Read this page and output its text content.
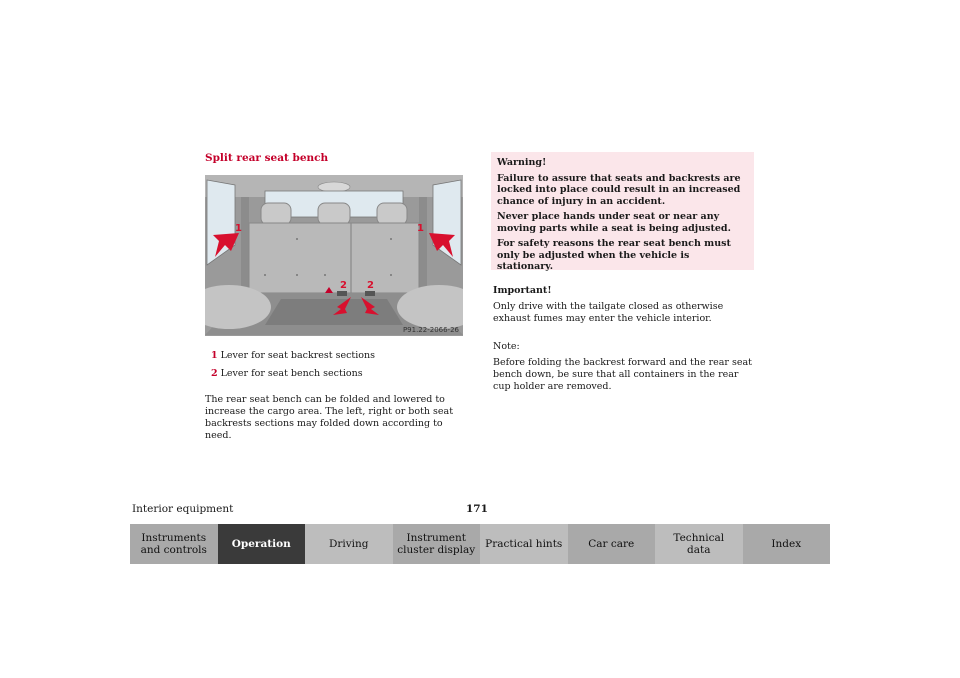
Split rear seat bench
1	1
2 2
P91.22-2066-26
1 Lever for seat backrest sections
2 Lever for seat bench sections
The rear seat bench can be folded and lowered to increase the cargo area. The left, right or both seat backrests sections may folded down according to need.

Warning!

Failure to assure that seats and backrests are locked into place could result in an increased chance of injury in an accident.

Never place hands under seat or near any moving parts while a seat is being adjusted.

For safety reasons the rear seat bench must only be adjusted when the vehicle is stationary.

Important!

Only drive with the tailgate closed as otherwise exhaust fumes may enter the vehicle interior.

Note:

Before folding the backrest forward and the rear seat bench down, be sure that all containers in the rear cup holder are removed.

Interior equipment	171
Instruments
and controls	Operation	Driving	Instrument
cluster display Practical hints	Car care	Technical
data	Index
